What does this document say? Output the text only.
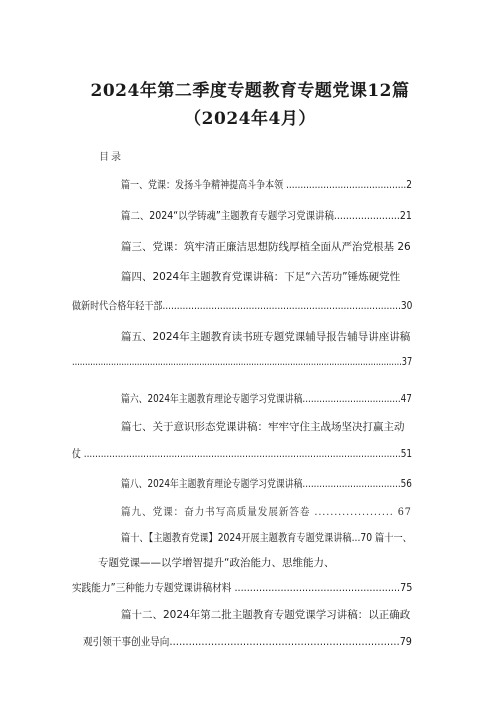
2024年第二季度专题教育专题党课12篇
（2024年4月）
目录
篇一、党课：发扬斗争精神提高斗争本领 ..........................................2
篇二、2024“以学铸魂”主题教育专题学习党课讲稿......................21
篇三、党课：筑牢清正廉洁思想防线厚植全面从严治党根基 26
篇四、2024年主题教育党课讲稿：下足“六苦功”锤炼硬党性
做新时代合格年轻干部...................................................................................30
篇五、2024年主题教育读书班专题党课辅导报告辅导讲座讲稿
...............................................................................................................................37
篇六、2024年主题教育理论专题学习党课讲稿...................................47
篇七、关于意识形态党课讲稿：牢牢守住主战场坚决打赢主动
仗 ................................................................................................................51
篇八、2024年主题教育理论专题学习党课讲稿...................................56
篇九、党课：奋力书写高质量发展新答卷 .................... 67
篇十、【主题教育党课】2024开展主题教育专题党课讲稿...70 篇十一、
专题党课——以学增智提升“政治能力、思维能力、
实践能力”三种能力专题党课讲稿材料 ......................................................75
篇十二、2024年第二批主题教育专题党课学习讲稿：以正确政
观引领干事创业导向………………………………………………………………79
